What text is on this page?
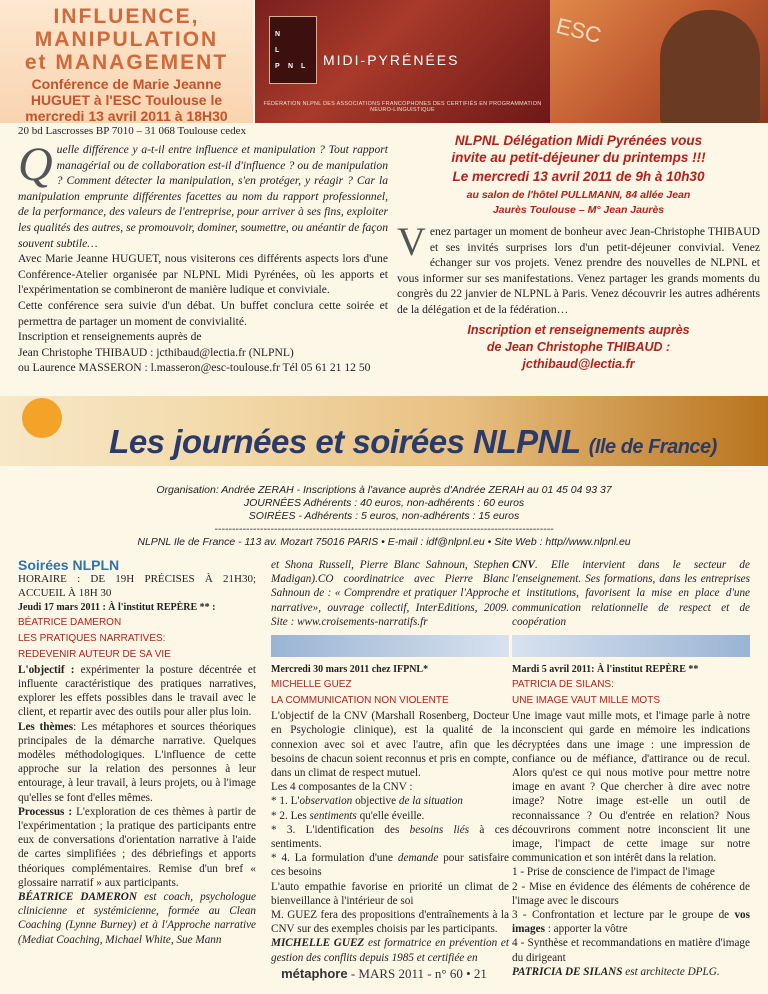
INFLUENCE,
MANIPULATION
et MANAGEMENT
Conférence de Marie Jeanne
HUGUET à l'ESC Toulouse le
mercredi 13 avril 2011 à 18H30
N
L
P N L MIDI-PYRÉNÉES
FÉDÉRATION NLPNL DES ASSOCIATIONS FRANCOPHONES DES CERTIFIÉS EN PROGRAMMATION NEURO-LINGUISTIQUE
ESC
20 bd Lascrosses BP 7010 – 31 068 Toulouse cedex
Quelle différence y a-t-il entre influence et manipulation ? Tout rapport managérial ou de collaboration est-il d'influence ? ou de manipulation ? Comment détecter la manipulation, s'en protéger, y réagir ? Car la manipulation emprunte différentes facettes au nom du rapport professionnel, de la performance, des valeurs de l'entreprise, pour arriver à ses fins, exploiter les qualités des autres, se promouvoir, dominer, soumettre, ou anéantir de façon souvent subtile…
Avec Marie Jeanne HUGUET, nous visiterons ces différents aspects lors d'une Conférence-Atelier organisée par NLPNL Midi Pyrénées, où les apports et l'expérimentation se combineront de manière ludique et conviviale.
Cette conférence sera suivie d'un débat. Un buffet conclura cette soirée et permettra de partager un moment de convivialité.
Inscription et renseignements auprès de
Jean Christophe THIBAUD : jcthibaud@lectia.fr (NLPNL)
ou Laurence MASSERON : l.masseron@esc-toulouse.fr Tél 05 61 21 12 50
NLPNL Délégation Midi Pyrénées vous
invite au petit-déjeuner du printemps !!!
Le mercredi 13 avril 2011 de 9h à 10h30
au salon de l'hôtel PULLMANN, 84 allée Jean
Jaurès Toulouse – M° Jean Jaurès
Venez partager un moment de bonheur avec Jean-Christophe THIBAUD et ses invités surprises lors d'un petit-déjeuner convivial. Venez échanger sur vos projets. Venez prendre des nouvelles de NLPNL et vous informer sur ses manifestations. Venez partager les grands moments du congrès du 22 janvier de NLPNL à Paris. Venez découvrir les autres adhérents de la délégation et de la fédération…
Inscription et renseignements auprès
de Jean Christophe THIBAUD :
jcthibaud@lectia.fr
Les journées et soirées NLPNL (Ile de France)
Organisation: Andrée ZERAH - Inscriptions à l'avance auprès d'Andrée ZERAH au 01 45 04 93 37
JOURNÉES Adhérents : 40 euros, non-adhérents : 60 euros
SOIRÉES - Adhérents : 5 euros, non-adhérents : 15 euros
-------------------------------------------------------------------------------------------------
NLPNL Ile de France - 113 av. Mozart 75016 PARIS • E-mail : idf@nlpnl.eu • Site Web : http//www.nlpnl.eu
Soirées NLPLN
HORAIRE : DE 19H PRÉCISES À 21H30; ACCUEIL À 18H 30
Jeudi 17 mars 2011 : À l'institut REPÈRE ** :
BÉATRICE DAMERON
LES PRATIQUES NARRATIVES:
REDEVENIR AUTEUR DE SA VIE
L'objectif : expérimenter la posture décentrée et influente caractéristique des pratiques narratives, explorer les effets possibles dans le travail avec le client, et repartir avec des outils pour aller plus loin.
Les thèmes: Les métaphores et sources théoriques principales de la démarche narrative. Quelques modèles méthodologiques. L'influence de cette approche sur la relation des personnes à leur entourage, à leur travail, à leurs projets, ou à l'image qu'elles se font d'elles mêmes.
Processus : L'exploration de ces thèmes à partir de l'expérimentation ; la pratique des participants entre eux de conversations d'orientation narrative à l'aide de cartes simplifiées ; des débriefings et apports théoriques complémentaires. Remise d'un bref « glossaire narratif » aux participants.
BÉATRICE DAMERON est coach, psychologue clinicienne et systémicienne, formée au Clean Coaching (Lynne Burney) et à l'Approche narrative (Mediat Coaching, Michael White, Sue Mann
et Shona Russell, Pierre Blanc Sahnoun, Stephen Madigan).CO coordinatrice avec Pierre Blanc Sahnoun de : « Comprendre et pratiquer l'Approche narrative», ouvrage collectif, InterEditions, 2009. Site : www.croisements-narratifs.fr
Mercredi 30 mars 2011 chez IFPNL*
MICHELLE GUEZ
LA COMMUNICATION NON VIOLENTE
L'objectif de la CNV (Marshall Rosenberg, Docteur en Psychologie clinique), est la qualité de la connexion avec soi et avec l'autre, afin que les besoins de chacun soient reconnus et pris en compte, dans un climat de respect mutuel.
Les 4 composantes de la CNV :
* 1. L'observation objective de la situation
* 2. Les sentiments qu'elle éveille.
* 3. L'identification des besoins liés à ces sentiments.
* 4. La formulation d'une demande pour satisfaire ces besoins
L'auto empathie favorise en priorité un climat de bienveillance à l'intérieur de soi
M. GUEZ fera des propositions d'entraînements à la CNV sur des exemples choisis par les participants.
MICHELLE GUEZ est formatrice en prévention et gestion des conflits depuis 1985 et certifiée en
CNV. Elle intervient dans le secteur de l'enseignement. Ses formations, dans les entreprises et institutions, favorisent la mise en place d'une communication relationnelle de respect et de coopération
Mardi 5 avril 2011: À l'institut REPÈRE **
PATRICIA DE SILANS:
UNE IMAGE VAUT MILLE MOTS
Une image vaut mille mots, et l'image parle à notre inconscient qui garde en mémoire les indications décryptées dans une image : une impression de confiance ou de méfiance, d'attirance ou de recul. Alors qu'est ce qui nous motive pour mettre notre image en avant ? Que chercher à dire avec notre image? Notre image est-elle un outil de reconnaissance ? Ou d'entrée en relation? Nous découvrirons comment notre inconscient lit une image, l'impact de cette image sur notre communication et son intérêt dans la relation.
1 - Prise de conscience de l'impact de l'image
2 - Mise en évidence des éléments de cohérence de l'image avec le discours
3 - Confrontation et lecture par le groupe de vos images : apporter la vôtre
4 - Synthèse et recommandations en matière d'image du dirigeant
PATRICIA DE SILANS est architecte DPLG.
métaphore - MARS 2011 - n° 60 • 21
